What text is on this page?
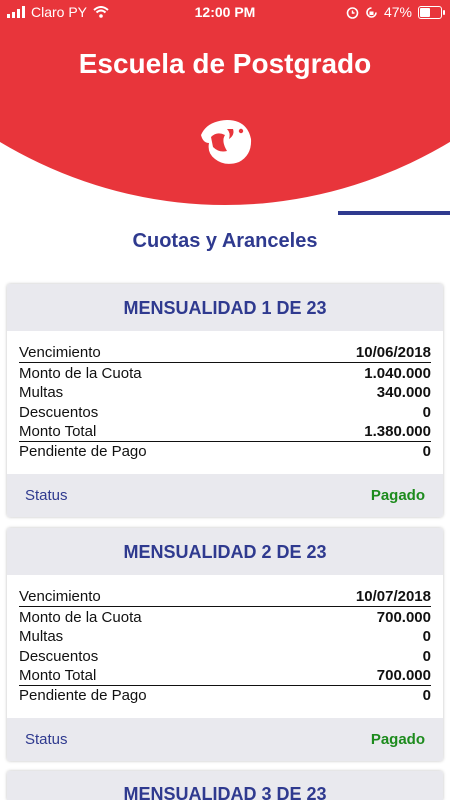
Claro PY	12:00 PM	47%
Escuela de Postgrado
Cuotas y Aranceles
MENSUALIDAD 1 DE 23
Vencimiento	10/06/2018
Monto de la Cuota	1.040.000
Multas	340.000
Descuentos	0
Monto Total	1.380.000
Pendiente de Pago	0
Status	Pagado
MENSUALIDAD 2 DE 23
Vencimiento	10/07/2018
Monto de la Cuota	700.000
Multas	0
Descuentos	0
Monto Total	700.000
Pendiente de Pago	0
Status	Pagado
MENSUALIDAD 3 DE 23
